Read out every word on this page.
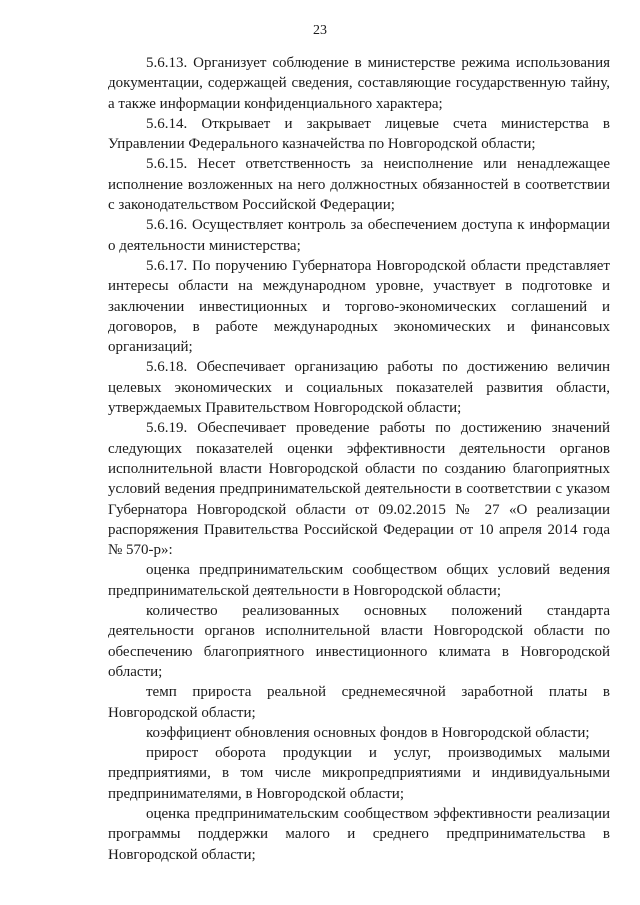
23

5.6.13. Организует соблюдение в министерстве режима использования документации, содержащей сведения, составляющие государственную тайну, а также информации конфиденциального характера;

5.6.14. Открывает и закрывает лицевые счета министерства в Управлении Федерального казначейства по Новгородской области;

5.6.15. Несет ответственность за неисполнение или ненадлежащее исполнение возложенных на него должностных обязанностей в соответствии с законодательством Российской Федерации;

5.6.16. Осуществляет контроль за обеспечением доступа к информации о деятельности министерства;

5.6.17. По поручению Губернатора Новгородской области представляет интересы области на международном уровне, участвует в подготовке и заключении инвестиционных и торгово-экономических соглашений и договоров, в работе международных экономических и финансовых организаций;

5.6.18. Обеспечивает организацию работы по достижению величин целевых экономических и социальных показателей развития области, утверждаемых Правительством Новгородской области;

5.6.19. Обеспечивает проведение работы по достижению значений следующих показателей оценки эффективности деятельности органов исполнительной власти Новгородской области по созданию благоприятных условий ведения предпринимательской деятельности в соответствии с указом Губернатора Новгородской области от 09.02.2015 № 27 «О реализации распоряжения Правительства Российской Федерации от 10 апреля 2014 года № 570-р»:

оценка предпринимательским сообществом общих условий ведения предпринимательской деятельности в Новгородской области;

количество реализованных основных положений стандарта деятельности органов исполнительной власти Новгородской области по обеспечению благоприятного инвестиционного климата в Новгородской области;

темп прироста реальной среднемесячной заработной платы в Новгородской области;

коэффициент обновления основных фондов в Новгородской области;

прирост оборота продукции и услуг, производимых малыми предприятиями, в том числе микропредприятиями и индивидуальными предпринимателями, в Новгородской области;

оценка предпринимательским сообществом эффективности реализации программы поддержки малого и среднего предпринимательства в Новгородской области;
